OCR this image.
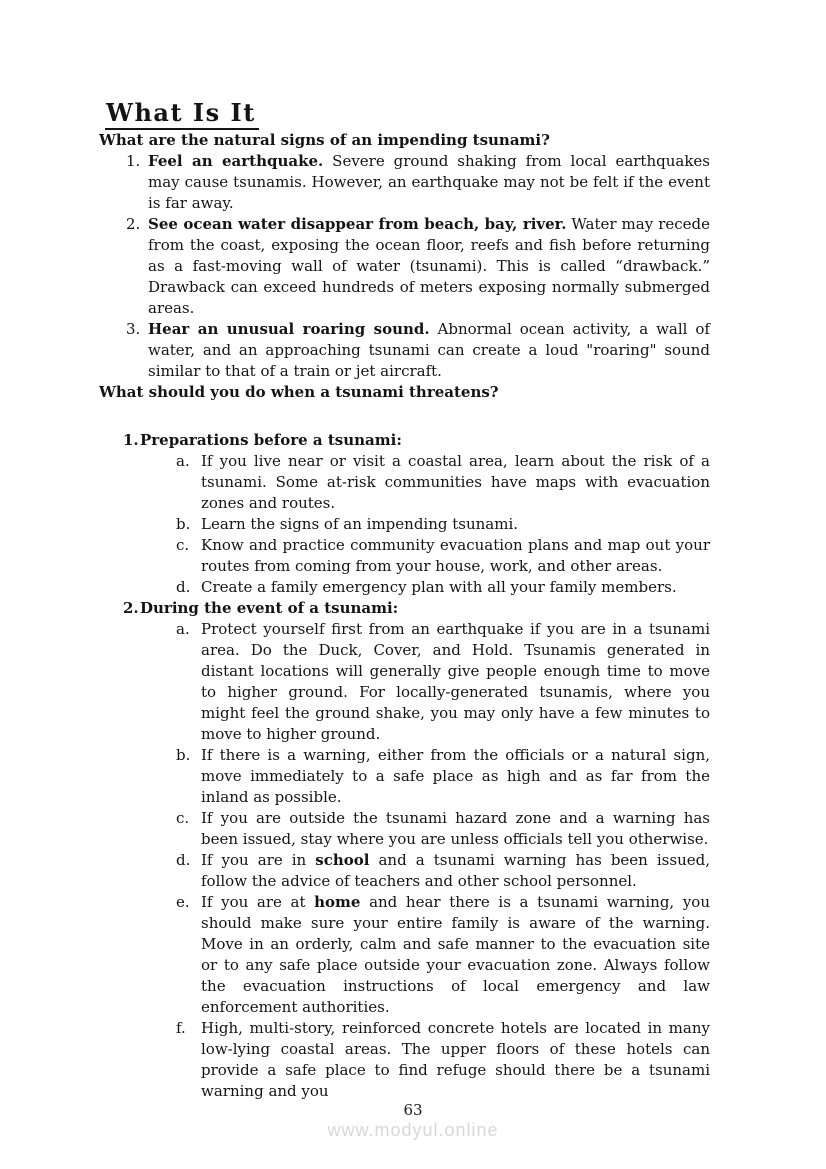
What Is It
What are the natural signs of an impending tsunami?
1. Feel an earthquake. Severe ground shaking from local earthquakes may cause tsunamis. However, an earthquake may not be felt if the event is far away.
2. See ocean water disappear from beach, bay, river. Water may recede from the coast, exposing the ocean floor, reefs and fish before returning as a fast-moving wall of water (tsunami). This is called “drawback.” Drawback can exceed hundreds of meters exposing normally submerged areas.
3. Hear an unusual roaring sound. Abnormal ocean activity, a wall of water, and an approaching tsunami can create a loud "roaring" sound similar to that of a train or jet aircraft.
What should you do when a tsunami threatens?
1. Preparations before a tsunami:
a. If you live near or visit a coastal area, learn about the risk of a tsunami. Some at-risk communities have maps with evacuation zones and routes.
b. Learn the signs of an impending tsunami.
c. Know and practice community evacuation plans and map out your routes from coming from your house, work, and other areas.
d. Create a family emergency plan with all your family members.
2. During the event of a tsunami:
a. Protect yourself first from an earthquake if you are in a tsunami area. Do the Duck, Cover, and Hold. Tsunamis generated in distant locations will generally give people enough time to move to higher ground. For locally-generated tsunamis, where you might feel the ground shake, you may only have a few minutes to move to higher ground.
b. If there is a warning, either from the officials or a natural sign, move immediately to a safe place as high and as far from the inland as possible.
c. If you are outside the tsunami hazard zone and a warning has been issued, stay where you are unless officials tell you otherwise.
d. If you are in school and a tsunami warning has been issued, follow the advice of teachers and other school personnel.
e. If you are at home and hear there is a tsunami warning, you should make sure your entire family is aware of the warning. Move in an orderly, calm and safe manner to the evacuation site or to any safe place outside your evacuation zone. Always follow the evacuation instructions of local emergency and law enforcement authorities.
f.	High, multi-story, reinforced concrete hotels are located in many low-lying coastal areas. The upper floors of these hotels can provide a safe place to find refuge should there be a tsunami warning and you
63
www.modyul.online
